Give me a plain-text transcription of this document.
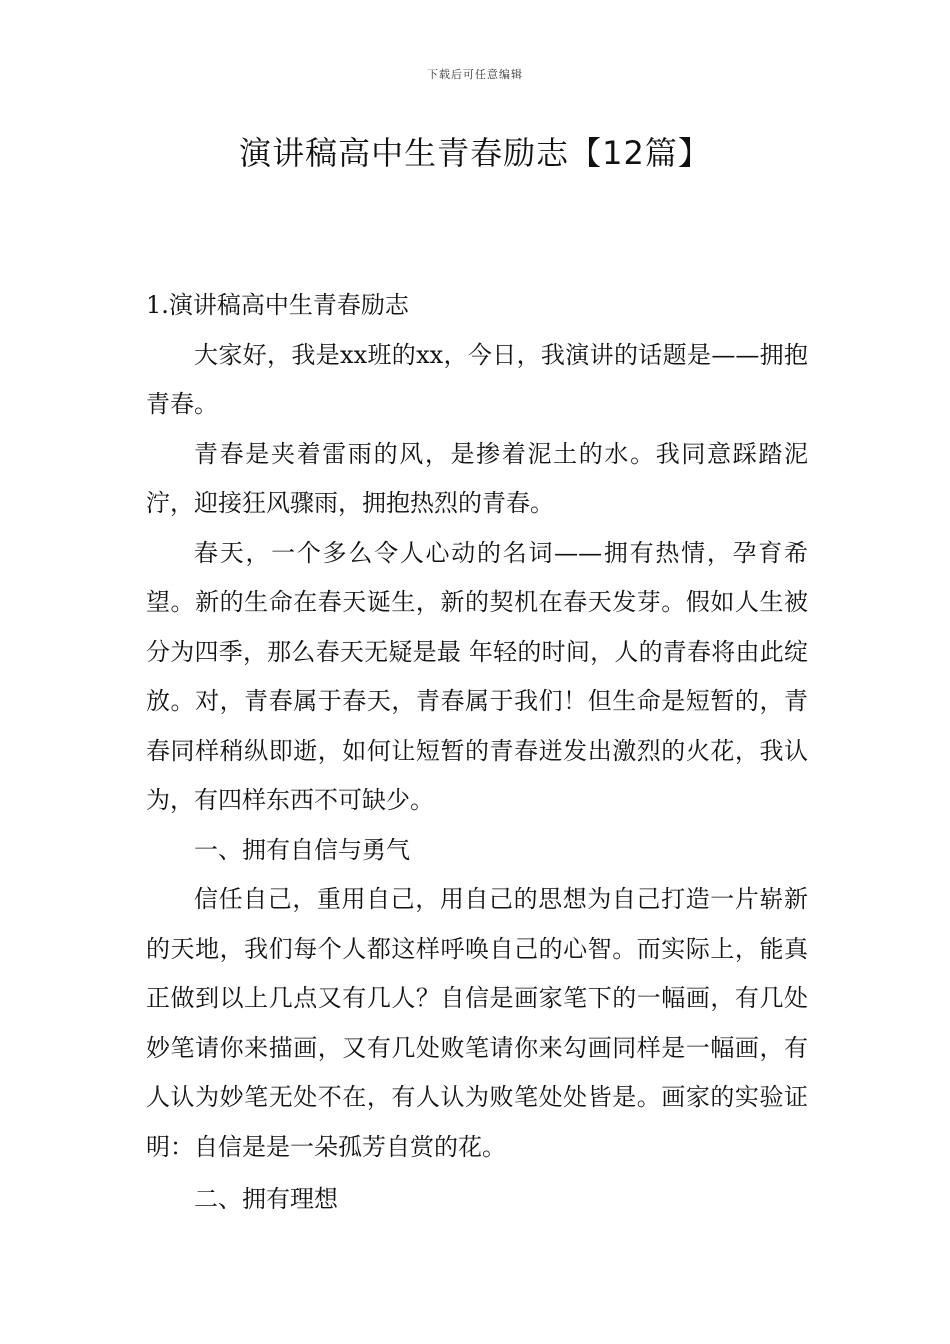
下载后可任意编辑
演讲稿高中生青春励志【12篇】

1.演讲稿高中生青春励志

大家好，我是xx班的xx，今日，我演讲的话题是——拥抱青春。

青春是夹着雷雨的风，是掺着泥土的水。我同意踩踏泥泞，迎接狂风骤雨，拥抱热烈的青春。

春天，一个多么令人心动的名词——拥有热情，孕育希望。新的生命在春天诞生，新的契机在春天发芽。假如人生被分为四季，那么春天无疑是最 年轻的时间，人的青春将由此绽放。对，青春属于春天，青春属于我们！但生命是短暂的，青春同样稍纵即逝，如何让短暂的青春迸发出激烈的火花，我认为，有四样东西不可缺少。

一、拥有自信与勇气

信任自己，重用自己，用自己的思想为自己打造一片崭新的天地，我们每个人都这样呼唤自己的心智。而实际上，能真正做到以上几点又有几人？自信是画家笔下的一幅画，有几处妙笔请你来描画，又有几处败笔请你来勾画同样是一幅画，有人认为妙笔无处不在，有人认为败笔处处皆是。画家的实验证明：自信是是一朵孤芳自赏的花。

二、拥有理想
